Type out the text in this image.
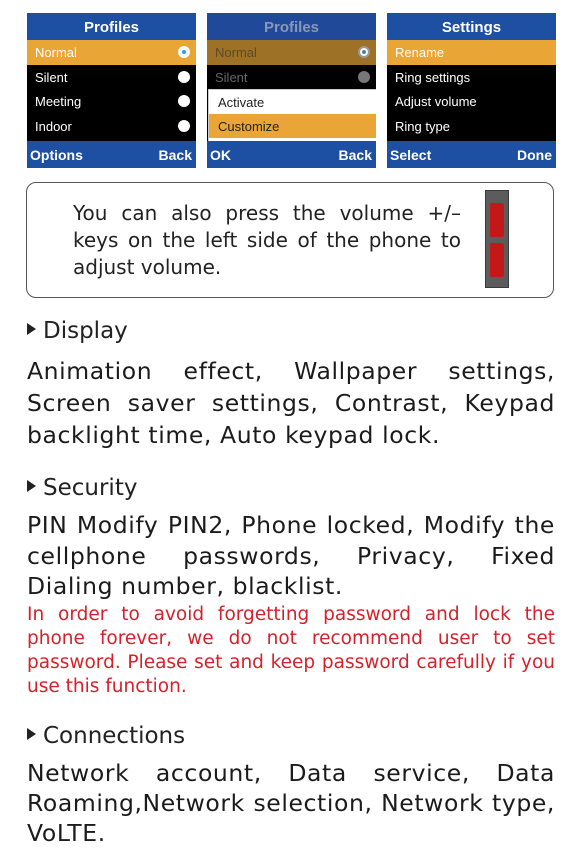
Profiles
Normal
Silent
Meeting
Indoor
Options	Back
Profiles
Normal
Silent
Activate
Customize
OK	Back
Settings
Rename
Ring settings
Adjust volume
Ring type
Select	Done
You can also press the volume +/– keys on the left side of the phone to adjust volume.
Display
Animation effect, Wallpaper settings, Screen saver settings, Contrast, Keypad backlight time, Auto keypad lock.
Security
PIN Modify PIN2, Phone locked, Modify the cellphone passwords, Privacy, Fixed Dialing number, blacklist.
In order to avoid forgetting password and lock the phone forever, we do not recommend user to set password. Please set and keep password carefully if you use this function.
Connections
Network account, Data service, Data Roaming,Network selection, Network type, VoLTE.
